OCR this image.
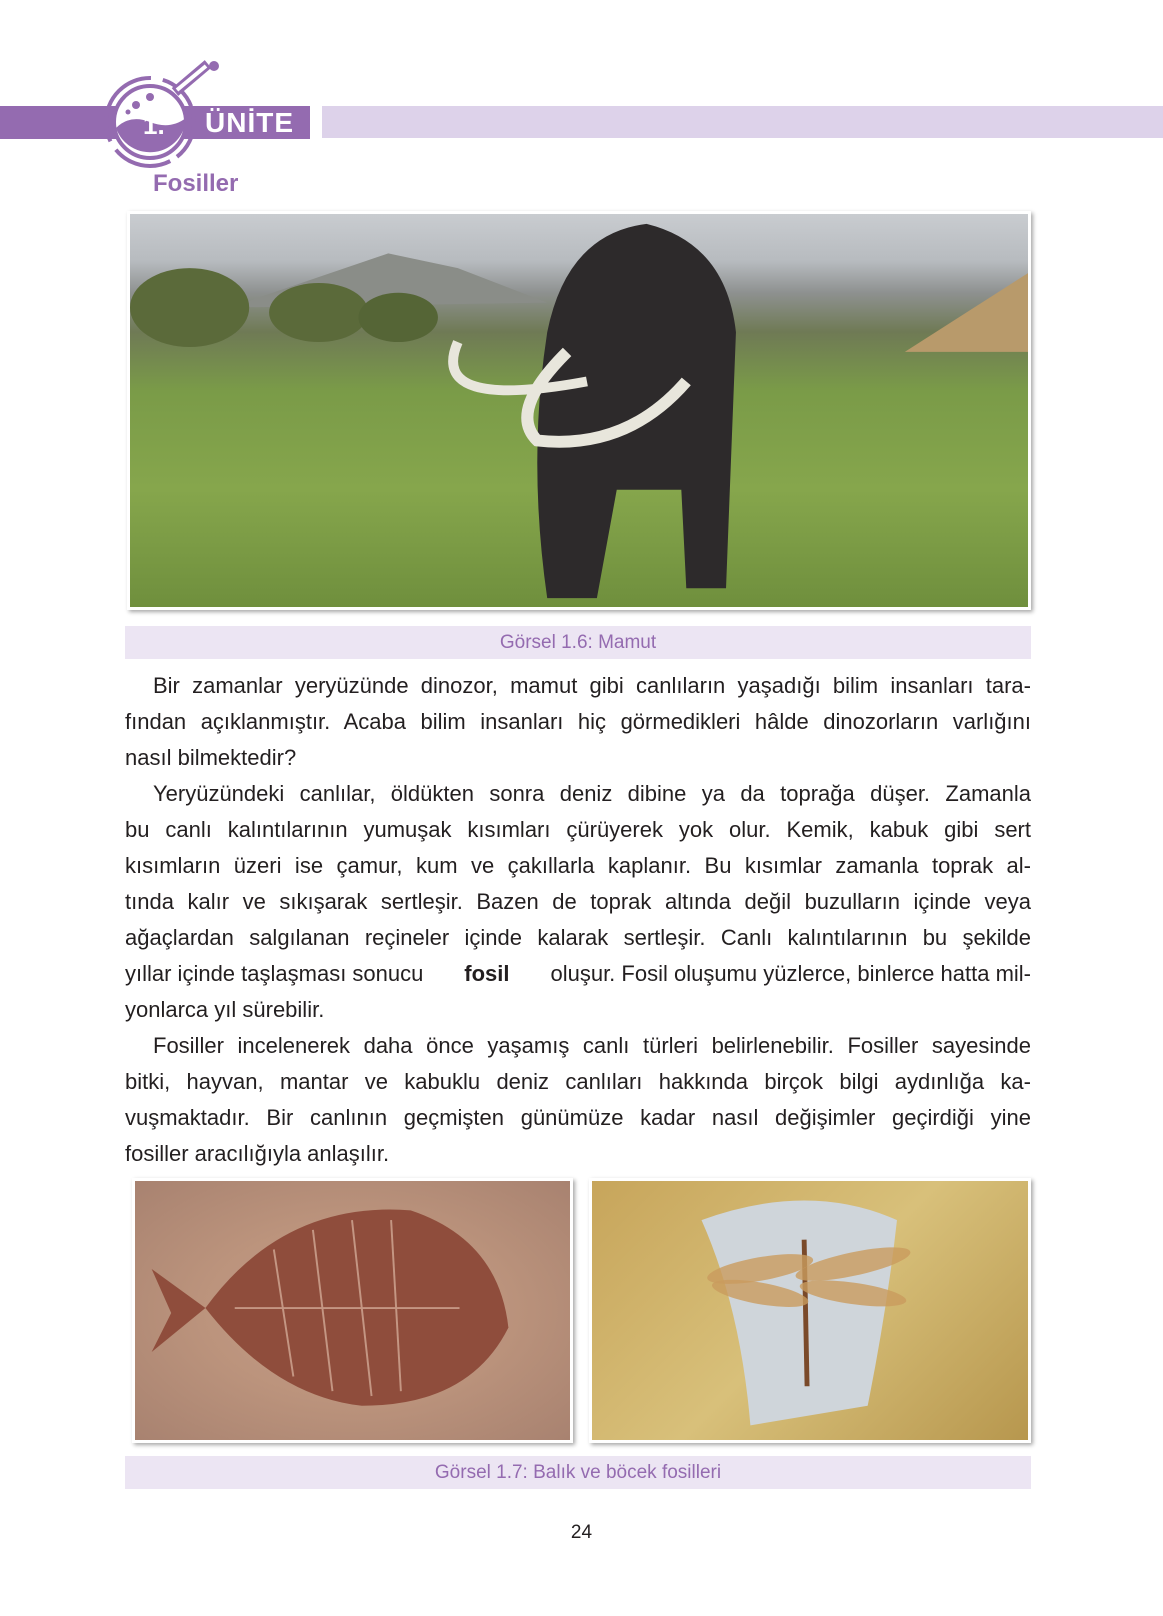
1. ÜNİTE
Fosiller
Görsel 1.6: Mamut
Bir zamanlar yeryüzünde dinozor, mamut gibi canlıların yaşadığı bilim insanları tara-
fından açıklanmıştır. Acaba bilim insanları hiç görmedikleri hâlde dinozorların varlığını
nasıl bilmektedir?
Yeryüzündeki canlılar, öldükten sonra deniz dibine ya da toprağa düşer. Zamanla
bu canlı kalıntılarının yumuşak kısımları çürüyerek yok olur. Kemik, kabuk gibi sert
kısımların üzeri ise çamur, kum ve çakıllarla kaplanır. Bu kısımlar zamanla toprak al-
tında kalır ve sıkışarak sertleşir. Bazen de toprak altında değil buzulların içinde veya
ağaçlardan salgılanan reçineler içinde kalarak sertleşir. Canlı kalıntılarının bu şekilde
yıllar içinde taşlaşması sonucu fosil oluşur. Fosil oluşumu yüzlerce, binlerce hatta mil-
yonlarca yıl sürebilir.
Fosiller incelenerek daha önce yaşamış canlı türleri belirlenebilir. Fosiller sayesinde
bitki, hayvan, mantar ve kabuklu deniz canlıları hakkında birçok bilgi aydınlığa ka-
vuşmaktadır. Bir canlının geçmişten günümüze kadar nasıl değişimler geçirdiği yine
fosiller aracılığıyla anlaşılır.
Görsel 1.7: Balık ve böcek fosilleri
24
